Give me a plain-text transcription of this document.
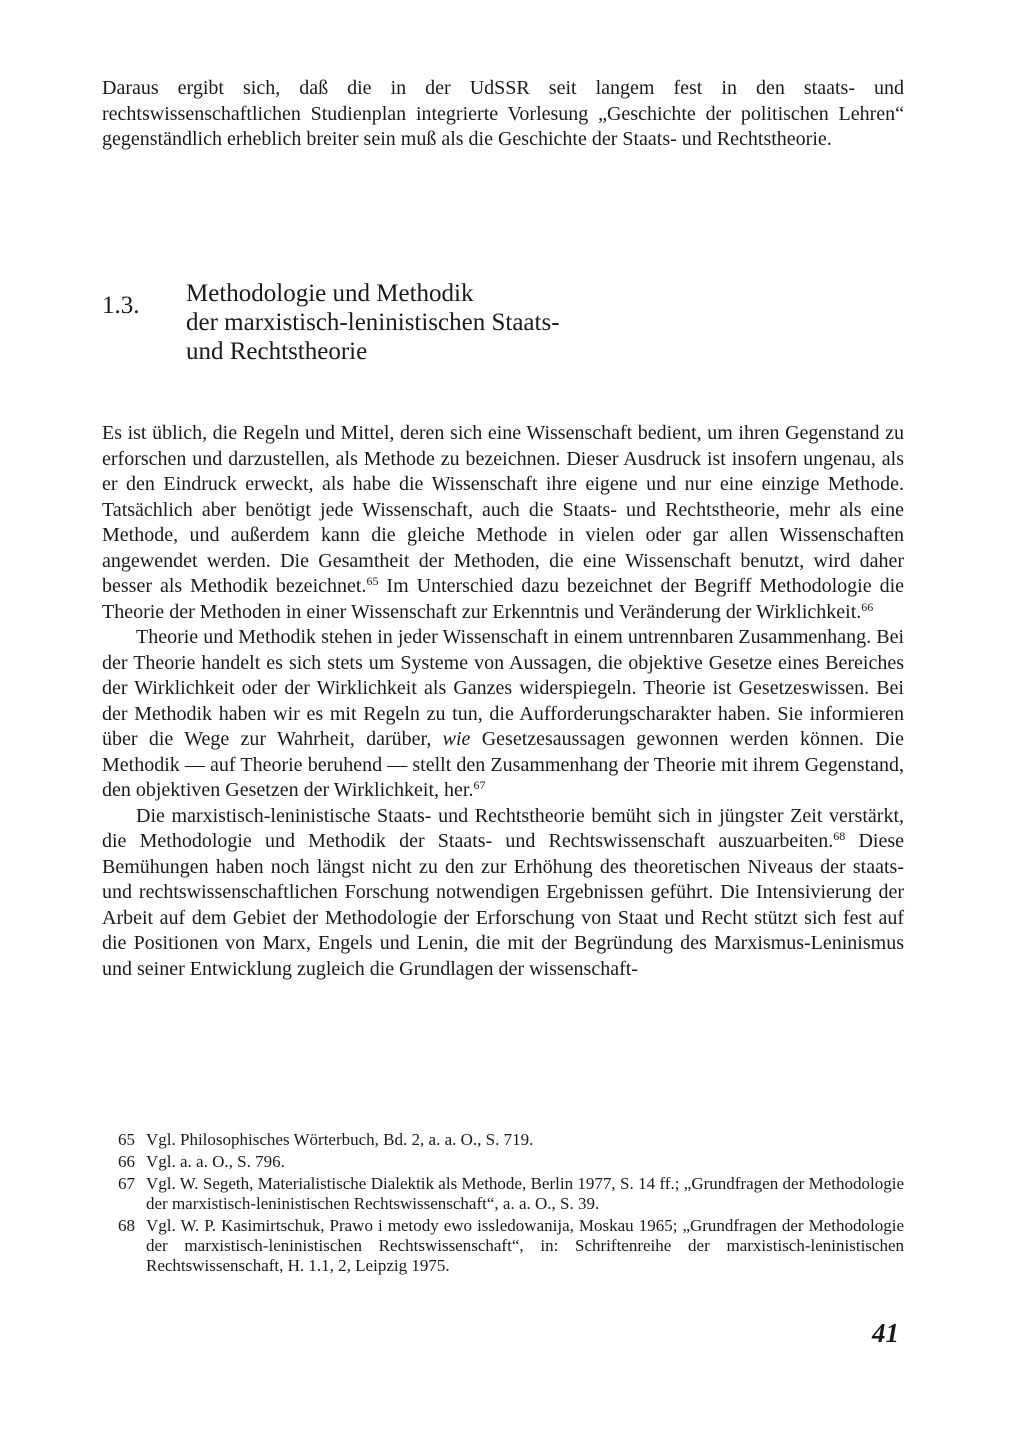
Daraus ergibt sich, daß die in der UdSSR seit langem fest in den staats- und rechtswissenschaftlichen Studienplan integrierte Vorlesung „Geschichte der politischen Lehren“ gegenständlich erheblich breiter sein muß als die Geschichte der Staats- und Rechtstheorie.

1.3. Methodologie und Methodik
der marxistisch-leninistischen Staats-
und Rechtstheorie

Es ist üblich, die Regeln und Mittel, deren sich eine Wissenschaft bedient, um ihren Gegenstand zu erforschen und darzustellen, als Methode zu bezeichnen. Dieser Ausdruck ist insofern ungenau, als er den Eindruck erweckt, als habe die Wissenschaft ihre eigene und nur eine einzige Methode. Tatsächlich aber benötigt jede Wissenschaft, auch die Staats- und Rechtstheorie, mehr als eine Methode, und außerdem kann die gleiche Methode in vielen oder gar allen Wissenschaften angewendet werden. Die Gesamtheit der Methoden, die eine Wissenschaft benutzt, wird daher besser als Methodik bezeichnet.$^{65}$ Im Unterschied dazu bezeichnet der Begriff Methodologie die Theorie der Methoden in einer Wissenschaft zur Erkenntnis und Veränderung der Wirklichkeit.$^{66}$

Theorie und Methodik stehen in jeder Wissenschaft in einem untrennbaren Zusammenhang. Bei der Theorie handelt es sich stets um Systeme von Aussagen, die objektive Gesetze eines Bereiches der Wirklichkeit oder der Wirklichkeit als Ganzes widerspiegeln. Theorie ist Gesetzeswissen. Bei der Methodik haben wir es mit Regeln zu tun, die Aufforderungscharakter haben. Sie informieren über die Wege zur Wahrheit, darüber, wie Gesetzesaussagen gewonnen werden können. Die Methodik — auf Theorie beruhend — stellt den Zusammenhang der Theorie mit ihrem Gegenstand, den objektiven Gesetzen der Wirklichkeit, her.$^{67}$

Die marxistisch-leninistische Staats- und Rechtstheorie bemüht sich in jüngster Zeit verstärkt, die Methodologie und Methodik der Staats- und Rechtswissenschaft auszuarbeiten.$^{68}$ Diese Bemühungen haben noch längst nicht zu den zur Erhöhung des theoretischen Niveaus der staats- und rechtswissenschaftlichen Forschung notwendigen Ergebnissen geführt. Die Intensivierung der Arbeit auf dem Gebiet der Methodologie der Erforschung von Staat und Recht stützt sich fest auf die Positionen von Marx, Engels und Lenin, die mit der Begründung des Marxismus-Leninismus und seiner Entwicklung zugleich die Grundlagen der wissenschaft-

65 Vgl. Philosophisches Wörterbuch, Bd. 2, a. a. O., S. 719.
66 Vgl. a. a. O., S. 796.
67 Vgl. W. Segeth, Materialistische Dialektik als Methode, Berlin 1977, S. 14 ff.; „Grundfragen der Methodologie der marxistisch-leninistischen Rechtswissenschaft“, a. a. O., S. 39.
68 Vgl. W. P. Kasimirtschuk, Prawo i metody ewo issledowanija, Moskau 1965; „Grundfragen der Methodologie der marxistisch-leninistischen Rechtswissenschaft“, in: Schriftenreihe der marxistisch-leninistischen Rechtswissenschaft, H. 1.1, 2, Leipzig 1975.
41
